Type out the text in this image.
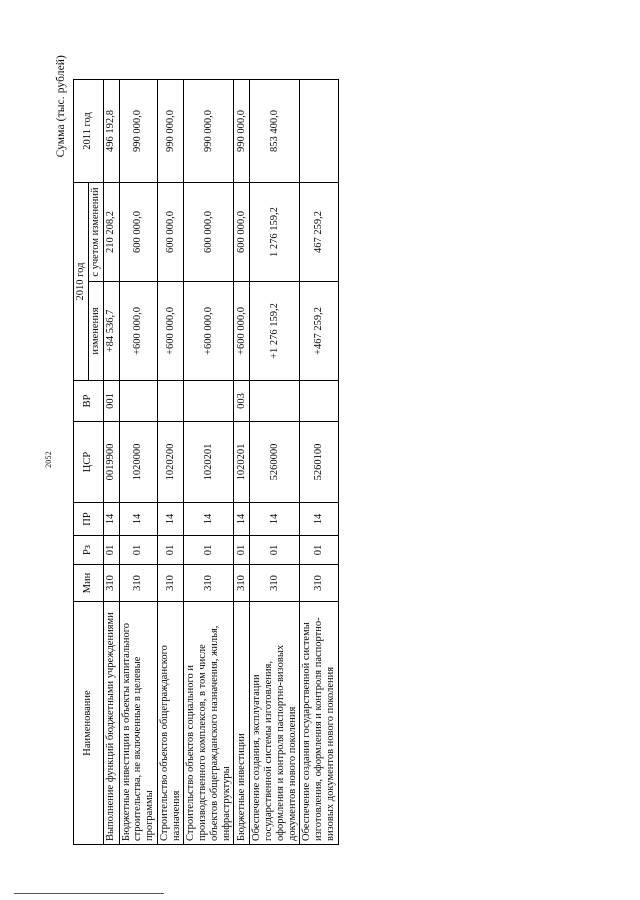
2052
Сумма (тыс. рублей)
Наименование	Мин	Рз	ПР	ЦСР	ВР	2010 год		2011 год
						изменения	с учетом изменений	
Выполнение функций бюджетными учреждениями	310	01	14	0019900	001	+84 536,7	210 208,2	496 192,8
Бюджетные инвестиции в объекты капитального строительства, не включенные в целевые программы	310	01	14	1020000		+600 000,0	600 000,0	990 000,0
Строительство объектов общегражданского назначения	310	01	14	1020200		+600 000,0	600 000,0	990 000,0
Строительство объектов социального и производственного комплексов, в том числе объектов общегражданского назначения, жилья, инфраструктуры	310	01	14	1020201		+600 000,0	600 000,0	990 000,0
Бюджетные инвестиции	310	01	14	1020201	003	+600 000,0	600 000,0	990 000,0
Обеспечение создания, эксплуатации государственной системы изготовления, оформления и контроля паспортно-визовых документов нового поколения	310	01	14	5260000		+1 276 159,2	1 276 159,2	853 400,0
Обеспечение создания государственной системы изготовления, оформления и контроля паспортно-визовых документов нового поколения	310	01	14	5260100		+467 259,2	467 259,2	
